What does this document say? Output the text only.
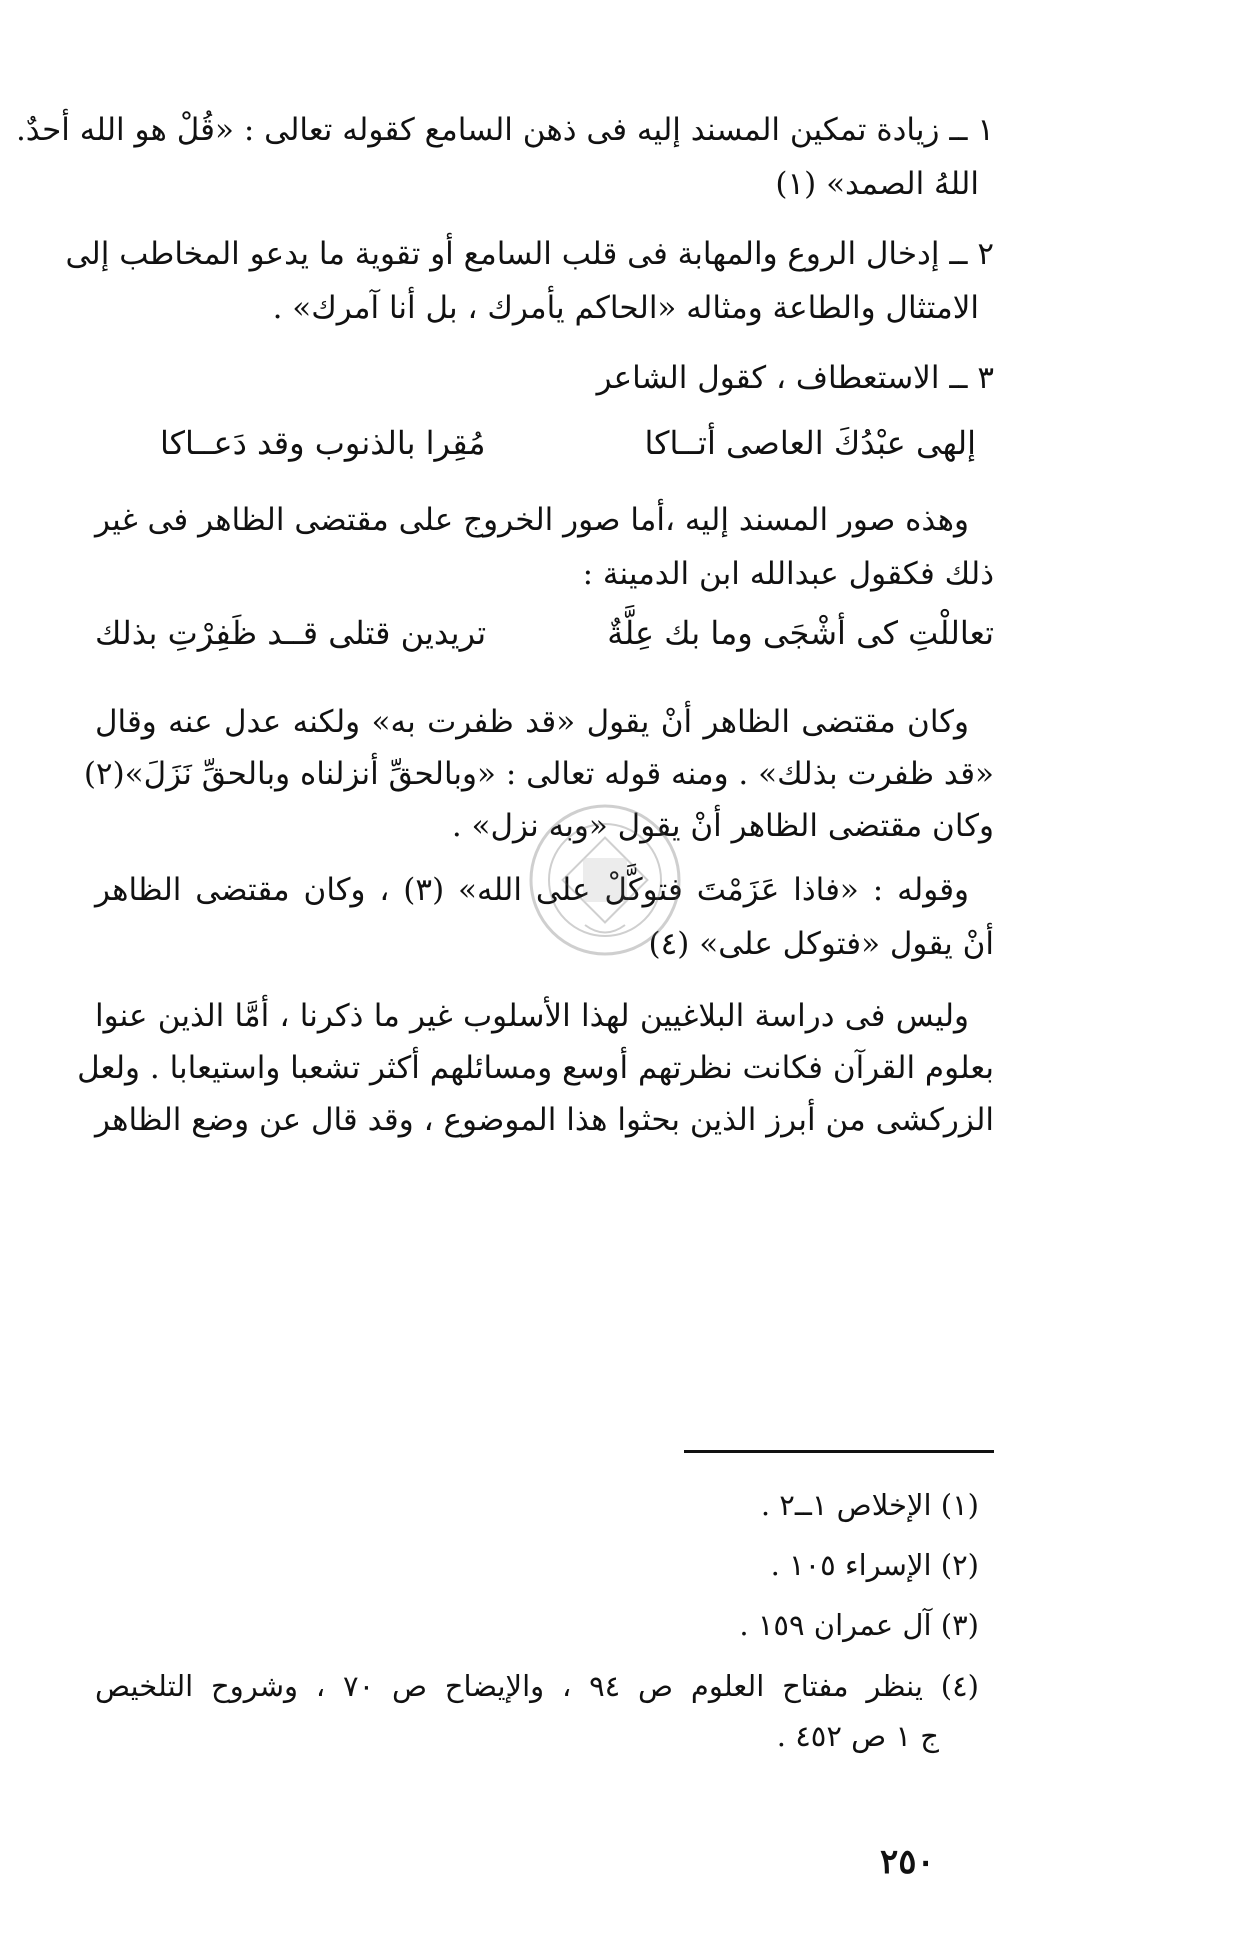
١ ــ زيادة تمكين المسند إليه فى ذهن السامع كقوله تعالى : «قُلْ هو الله أحدٌ.
اللهُ الصمد» (١)
٢ ــ إدخال الروع والمهابة فى قلب السامع أو تقوية ما يدعو المخاطب إلى
الامتثال والطاعة ومثاله «الحاكم يأمرك ، بل أنا آمرك» .
٣ ــ الاستعطاف ، كقول الشاعر
إلهى عبْدُكَ العاصى أتــاكا
مُقِرا بالذنوب وقد دَعــاكا
وهذه صور المسند إليه ،أما صور الخروج على مقتضى الظاهر فى غير
ذلك فكقول عبدالله ابن الدمينة :
تعاللْتِ كى أشْجَى وما بك عِلَّةٌ
تريدين قتلى قــد ظَفِرْتِ بذلك
وكان مقتضى الظاهر أنْ يقول «قد ظفرت به» ولكنه عدل عنه وقال
«قد ظفرت بذلك» . ومنه قوله تعالى : «وبالحقِّ أنزلناه وبالحقِّ نَزَلَ»(٢)
وكان مقتضى الظاهر أنْ يقول «وبه نزل» .
وقوله : «فاذا عَزَمْتَ فتوكَّلْ على الله» (٣) ، وكان مقتضى الظاهر
أنْ يقول «فتوكل على» (٤)
وليس فى دراسة البلاغيين لهذا الأسلوب غير ما ذكرنا ، أمَّا الذين عنوا
بعلوم القرآن فكانت نظرتهم أوسع ومسائلهم أكثر تشعبا واستيعابا . ولعل
الزركشى من أبرز الذين بحثوا هذا الموضوع ، وقد قال عن وضع الظاهر
(١) الإخلاص ١ــ٢ .
(٢) الإسراء ١٠٥ .
(٣) آل عمران ١٥٩ .
(٤) ينظر مفتاح العلوم ص ٩٤ ، والإيضاح ص ٧٠ ، وشروح التلخيص
ج ١ ص ٤٥٢ .
٢٥٠
